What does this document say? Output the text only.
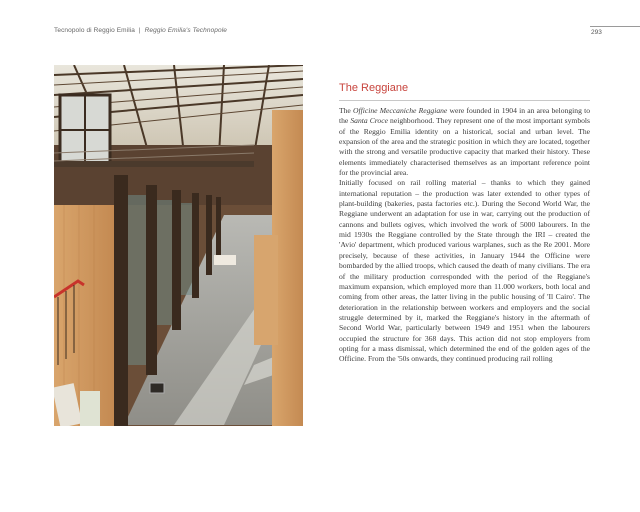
Tecnopolo di Reggio Emilia | Reggio Emilia's Technopole	293
The Reggiane

The Officine Meccaniche Reggiane were founded in 1904 in an area belonging to the Santa Croce neighborhood. They represent one of the most important symbols of the Reggio Emilia identity on a historical, social and urban level. The expansion of the area and the strategic position in which they are located, together with the strong and versatile productive capacity that marked their history. These elements immediately characterised themselves as an important reference point for the provincial area.

Initially focused on rail rolling material – thanks to which they gained international reputation – the production was later extended to other types of plant-building (bakeries, pasta factories etc.). During the Second World War, the Reggiane underwent an adaptation for use in war, carrying out the production of cannons and bullets ogives, which involved the work of 5000 labourers. In the mid 1930s the Reggiane controlled by the State through the IRI – created the 'Avio' department, which produced various warplanes, such as the Re 2001. More precisely, because of these activities, in January 1944 the Officine were bombarded by the allied troops, which caused the death of many civilians. The era of the military production corresponded with the period of the Reggiane's maximum expansion, which employed more than 11.000 workers, both local and coming from other areas, the latter living in the public housing of 'Il Cairo'. The deterioration in the relationship between workers and employers and the social struggle determined by it, marked the Reggiane's history in the aftermath of Second World War, particularly between 1949 and 1951 when the labourers occupied the structure for 368 days. This action did not stop employers from opting for a mass dismissal, which determined the end of the golden ages of the Officine. From the '50s onwards, they continued producing rail rolling
